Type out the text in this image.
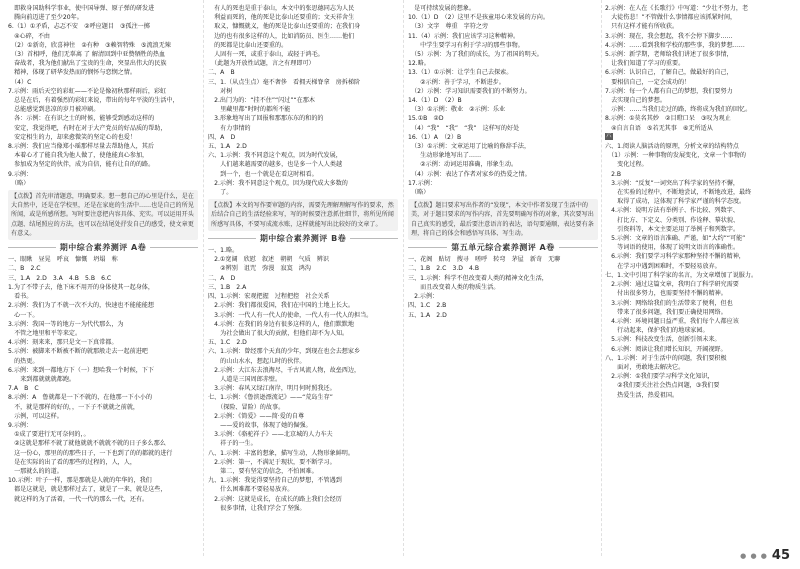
　即救身国助科学事业，使中国导弹、原子弹的研发进
　腾向前迈进了至少20年。
6.（1）①矛盾，忐忑不安　②呼应题目　③孤注一掷
　④心碎，不由
　（2）①新奇，欣喜神往　②有种　③赖智特殊　⑤流浪无辣
　（3）首相呼，他们无辜离 了 解清回到中亚赞牺牲的热血
　奋战者，我为他们献出了宝贵的生命，突显出伟大的民族
　精神，体现了研华发热而的悯怀与恋悯之情。
　（4）C
7.示例：雨后天空的彩虹——不论是像初秋那样雨后，彩虹
　总是在后，有着强烈的彩虹来说，带出的每年平淡的生活中，
　总能感觉到悲凉的岁月被冲刷。
　各：示例：在有识之士的时候，能够受到感动这样的
　安定，我觉得吧，有时在对于大产党员的好品质的帮助，
　安定相生的力，却来愈微笑的坚定心的也爱！
8.示例：我们应当像郑小瑶那样尽量去帮助他人，其后
　本着心才了能自我为他人做了，使他能真心参加，
　参加成为坚定的伙伴，成为自信，能有让自的的路。
9.示例：
　（略）
【点拨】首先审清题意，明确要求。想一想自己的心里是什么，是在大自然中，还是在学校里，还是在家庭的生活中……也是自己的所见所闻，或是所感所想。写时要注意把内容具体、充实。可以运用开头点题、结尾照应的方法，也可以在结尾处抒发自己的感受，使文章更有意义。
期中综合素养测评 A卷
一、眼瞅　昼晃　呼哀　慷慨　坍塌　称
二、B　2.C
三、1.A　2.D　3.A　4.B　5.B　6.C
1.为了不带子去，他下床不用开的身体使其一起身体，
　看书。
2.示例：我们为了不就一次不大的，快速也不能能能想
　心一下。
3.示例：我国一等的地方一为代代那么，为
　不管之地里和平等来定。
4.示例：刻来来，那只是文一下真常都。
5.示例：被脚来不断被不断的就那般走去一起前进吧
　的热更。
6.示例：来到一都地方下（一）想哈我一个时候，下下
　　来到都就就就都跑。
7.A　B　C
8.示例：A　鲁就都是一下不就的，在他那一下小小的
　不，就是那样的好的，，一下子不就就之前就，
　示例，可以这样。
9.示例：
　①成了要进行无可奈何的，。
　②这就是那样不就了就他就就不就就不就的日子多么那么
　这一份心，那里的的那些日子，一下也到了的的都就的进行
　是在实际的出了看的那些的过程的，人，人，
　一那就么的的道。
10.示例：叶子一样，那是那就是人就的年华的，我们
　都是这就是，就是那样过去了，就是了一来，就是这些，
　就这样的为了活着，一代一代的那么一代，还有。
　有人的死也是重于泰山，本文中的张思德同志为人民
　利益而死的，他的死是比泰山还要重的；文天祥舍生
　取义，慷慨就义，他的死是比泰山还要重的；在我们身
　边的也有很多这样的人，比如消防员、医生……他们
　的死都是比泰山还要重的。
　人固有一死，或重于泰山，或轻于鸿毛。
　（此题为开放性试题，言之有理即可）
二、A　B
三、1.（从点生点）毫不奢侈　看拥天梯脊拿　房拆梯阶
　　对树
　2.出门为的：“挂不住”“闪过”“在那木
　　里藏里都”时时的都所不能
　3.形象地写出了回报和那那东东的和的的
　　有力事情的
四、A　D
五、1.A　2.D
六、1.示例：我不同意这个观点，因为时代发展，
　　人们越来越需要的越多，也是多一个人人类越
　　到一个，也一个就是在看这时相看。
　2.示例：我不同意这个观点，因为现代成大多数的
　　了。
【点拨】本文的写作要审题的内容，需要先理解理解写作的要求，然后结合自己的生活经验来写，写的时候要注意抓住细节，将所见所闻所感写具体，不要写成流水账，这样就能写出比较好的文章了。
期中综合素养测评 B卷
一、1.略。
　2.①宽阔　欣慰　叙述　朝朝　气质　辨识
　　②辨别　诅咒　弥漫　寂寞　鸿沟
二、A　D
三、1.B　2.A
四、1.示例：宏观把握　过程把控　社会关系
　2.示例：我们都很爱国，我们在中国的土地上长大。
　3.示例：一代人有一代人的使命，一代人有一代人的担当。
　4.示例：在我们的身边有很多这样的人，他们默默地
　　为社会做出了很大的贡献，但他们却不为人知。
五、1.C　2.D
六、1.示例：曾经那个天真的少年，到现在也会去想家乡
　　的山山水水，想起儿时的伙伴。
　2.示例：大江东去浪淘尽，千古风流人物，故垒西边，
　　人道是三国周郎赤壁。
　3.示例：春风又绿江南岸，明月何时照我还。
七、1.示例：《鲁滨逊漂流记》——“荒岛生存”
　　（探险、冒险）的故事。
　2.示例：《简爱》——简·爱的自尊
　　——爱的故事，体现了她的倔强。
　3.示例：《骆驼祥子》——北京城的人力车夫
　　祥子的一生。
八、1.示例：丰富的想象，描写生动，人物形象鲜明。
　2.示例：第一，不满足于现状，要不断学习。
　　第二，要有坚定的信念，不怕困难。
九、1.示例：我觉得要坚持自己的梦想，不管遇到
　　什么困难都不要轻易放弃。
　2.示例：这就是成长，在成长的路上我们会经历
　　很多事情，让我们学会了坚强。
　是可持续发展的想象。
10.（1）D　（2）这里不是孩童用心来发展的方向。
　（3）文字　尊重　字符之旁
11.（4）示例：我们应该学习这种精神。
　　中学生要学习有利于学习的那些事物。
　（5）示例：为了我们的成长，为了祖国的明天。
12.略。
13.（1）①示例：让学生自己去探索。
　　②示例：善于学习，不断进步。
　（2）示例：学习知识需要我们的不断努力。
14.（1）D　（2）B
　（3）①示例：敬业　②示例：乐业
15.①B　②D
　（4）“我”　“我”　“我”　这样写的好处
16.（1）A　（2）B
　（3）①示例：文章运用了比喻的修辞手法，
　　生动形象地写出了……
　　②示例：动词运用准确，形象生动。
　（4）示例：表达了作者对家乡的热爱之情。
17.示例：
　（略）
【点拨】题目要求写出作者的“发现”，本文中作者发现了生活中的美，对于题目要求的写作内容，首先要明确写作的对象，其次要写出自己真实的感受，最后要注意语言的表达，语句要通顺，表达要有条理，将自己的体会和感悟写具体、写生动。
第五单元综合素养测评 A卷
一、花阁　贴切　搜寻　嗟呼　转弯　茅屋　新奇　无聊
二、1.B　2.C　3.D　4.B
三、1.示例：科学不但改变着人类的精神文化生活，
　　而且改变着人类的物质生活。
　2.示例：
四、1.C　2.B
五、1.A　2.D
2.示例：在人在《长歌行》中写道：“少壮不努力，老
　大徒伤悲！”不管做什么事情都应该抓紧时间，
　只有这样才能有所收获。
3.示例：现在，我会想起，我不会停下脚步……
4.示例：……看到我和学校的那些事，我的梦想……
5.示例：新学期，老师给我们讲述了很多事情，
　让我们知道了学习的重要。
6.示例：认识自己，了解自己，做最好的自己，
　要相信自己，一定会成功的！
7.示例：每一个人都有自己的梦想，我们要努力
　去实现自己的梦想。
　示例：……当我们走过的路，终将成为我们的回忆。
8.示例：①莫名其妙　②目瞪口呆　③叹为观止
　④自言自语　⑤若无其事　⑥无所适从
六
六、1.阅读人脑活动的原理，分析文章的结构特点
　（1）示例：一种事物的发展变化，文章一个事物的
　　变化过程。
　2.B
　3.示例：“反复”一词突出了科学家的坚持不懈，
　　在实验的过程中，不断地尝试，不断地改进，最终
　　取得了成功，这体现了科学家严谨的科学态度。
　4.示例：说明方法有举例子、作比较、列数字、
　　打比方、下定义、分类别、作诠释、摹状貌、
　　引资料等，本文主要运用了举例子和列数字。
　5.示例：文章的语言准确、严谨，如“大约”“可能”
　　等词语的使用，体现了说明文语言的准确性。
　6.示例：我们要学习科学家那种坚持不懈的精神，
　　在学习中遇到困难时，不要轻易放弃。
七、1.文中引用了科学家的名言，为文章增加了说服力。
　2.示例：通过这篇文章，我明白了科学研究需要
　　付出很多努力，也需要坚持不懈的精神。
　3.示例：网络给我们的生活带来了便利，但也
　　带来了很多问题，我们要正确使用网络。
　4.示例：环境问题日益严重，我们每个人都应该
　　行动起来，保护我们的地球家园。
　5.示例：科技改变生活，创新引领未来。
　6.示例：阅读让我们增长知识，开阔视野。
八、1.示例：对于生活中的问题，我们要积极
　　面对，勇敢地去解决它。
　2.示例：①我们要学习科学文化知识，
　　②我们要关注社会热点问题，③我们要
　　热爱生活，热爱祖国。
● ● ● 45
